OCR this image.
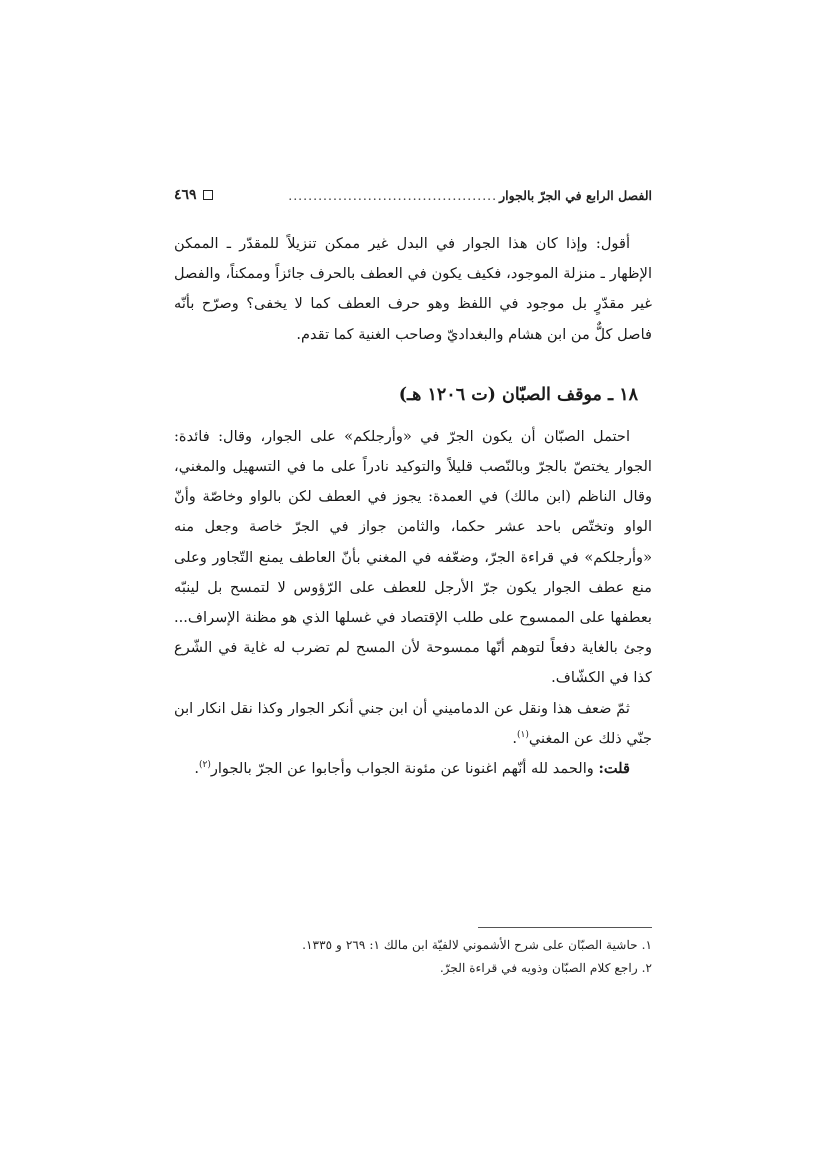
الفصل الرابع في الجرّ بالجوار
..........................................
٤٦٩

أقول: وإذا كان هذا الجوار في البدل غير ممكن تنزيلاً للمقدّر ـ الممكن الإظهار ـ منزلة الموجود، فكيف يكون في العطف بالحرف جائزاً وممكناً، والفصل غير مقدّرٍ بل موجود في اللفظ وهو حرف العطف كما لا يخفى؟ وصرّح بأنّه فاصل كلٌّ من ابن هشام والبغداديّ وصاحب الغنية كما تقدم.

١٨ ـ موقف الصبّان (ت ١٢٠٦ هـ)

احتمل الصبّان أن يكون الجرّ في «وأرجلكم» على الجوار، وقال: فائدة: الجوار يختصّ بالجرّ وبالنّصب قليلاً والتوكيد نادراً على ما في التسهيل والمغني، وقال الناظم (ابن مالك) في العمدة: يجوز في العطف لكن بالواو وخاصّة وأنّ الواو وتختّص باحد عشر حكما، والثامن جواز في الجرّ خاصة وجعل منه «وأرجلكم» في قراءة الجرّ، وضعّفه في المغني بأنّ العاطف يمنع التّجاور وعلى منع عطف الجوار يكون جرّ الأرجل للعطف على الرّؤوس لا لتمسح بل لينبّه بعطفها على الممسوح على طلب الإقتصاد في غسلها الذي هو مظنة الإسراف... وجئ بالغاية دفعاً لتوهم أنّها ممسوحة لأن المسح لم تضرب له غاية في الشّرع كذا في الكشّاف.

ثمّ ضعف هذا ونقل عن الدماميني أن ابن جني أنكر الجوار وكذا نقل انكار ابن جنّي ذلك عن المغني$^{(١)}$.

قلت: والحمد لله أنّهم اغنونا عن مئونة الجواب وأجابوا عن الجرّ بالجوار$^{(٢)}$.

١. حاشية الصبّان على شرح الأشموني لالفيّة ابن مالك ١: ٢٦٩ و ١٣٣٥.
٢. راجع كلام الصبّان وذويه في قراءة الجرّ.
